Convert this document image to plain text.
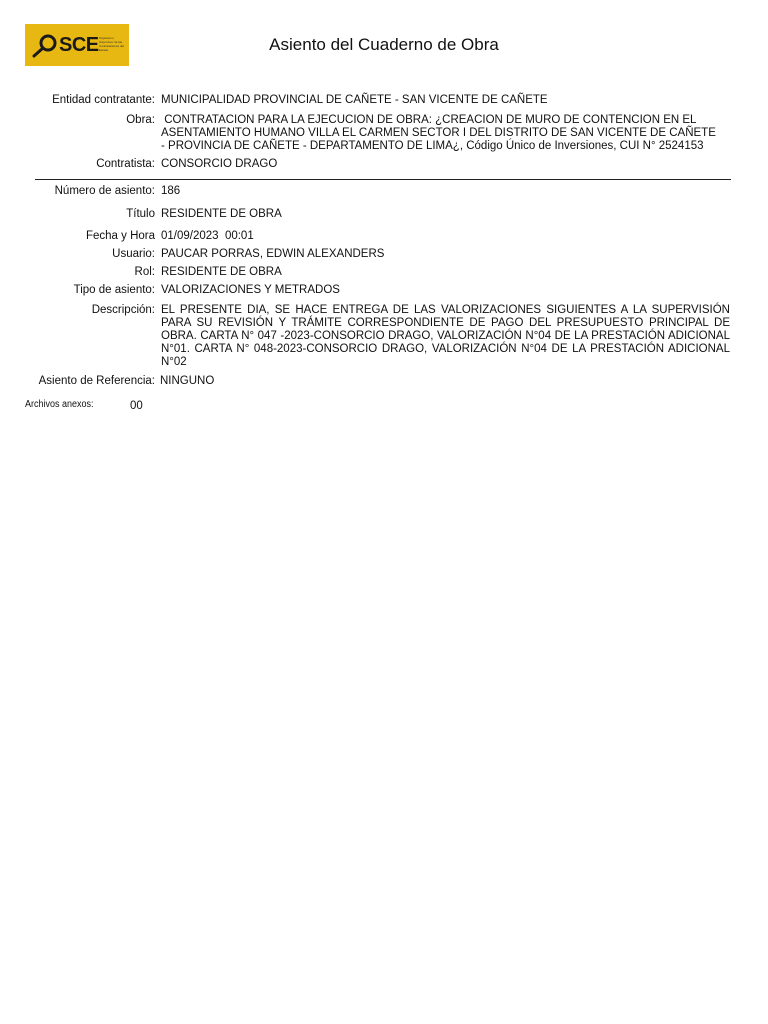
SCE Organismo Supervisor de las Contrataciones del Estado	Asiento del Cuaderno de Obra
Entidad contratante: MUNICIPALIDAD PROVINCIAL DE CAÑETE - SAN VICENTE DE CAÑETE
Obra: CONTRATACION PARA LA EJECUCION DE OBRA: ¿CREACION DE MURO DE CONTENCION EN EL
ASENTAMIENTO HUMANO VILLA EL CARMEN SECTOR I DEL DISTRITO DE SAN VICENTE DE CAÑETE
- PROVINCIA DE CAÑETE - DEPARTAMENTO DE LIMA¿, Código Único de Inversiones, CUI N° 2524153
Contratista: CONSORCIO DRAGO
Número de asiento: 186
Título RESIDENTE DE OBRA
Fecha y Hora 01/09/2023  00:01
Usuario: PAUCAR PORRAS, EDWIN ALEXANDERS
Rol: RESIDENTE DE OBRA
Tipo de asiento: VALORIZACIONES Y METRADOS
Descripción: EL PRESENTE DIA, SE HACE ENTREGA DE LAS VALORIZACIONES SIGUIENTES A LA SUPERVISIÓN PARA SU REVISIÓN Y TRÁMITE CORRESPONDIENTE DE PAGO DEL PRESUPUESTO PRINCIPAL DE OBRA. CARTA N° 047 -2023-CONSORCIO DRAGO, VALORIZACIÓN N°04 DE LA PRESTACIÓN ADICIONAL N°01. CARTA N° 048-2023-CONSORCIO DRAGO, VALORIZACIÓN N°04 DE LA PRESTACIÓN ADICIONAL N°02
Asiento de Referencia: NINGUNO
Archivos anexos:	00
